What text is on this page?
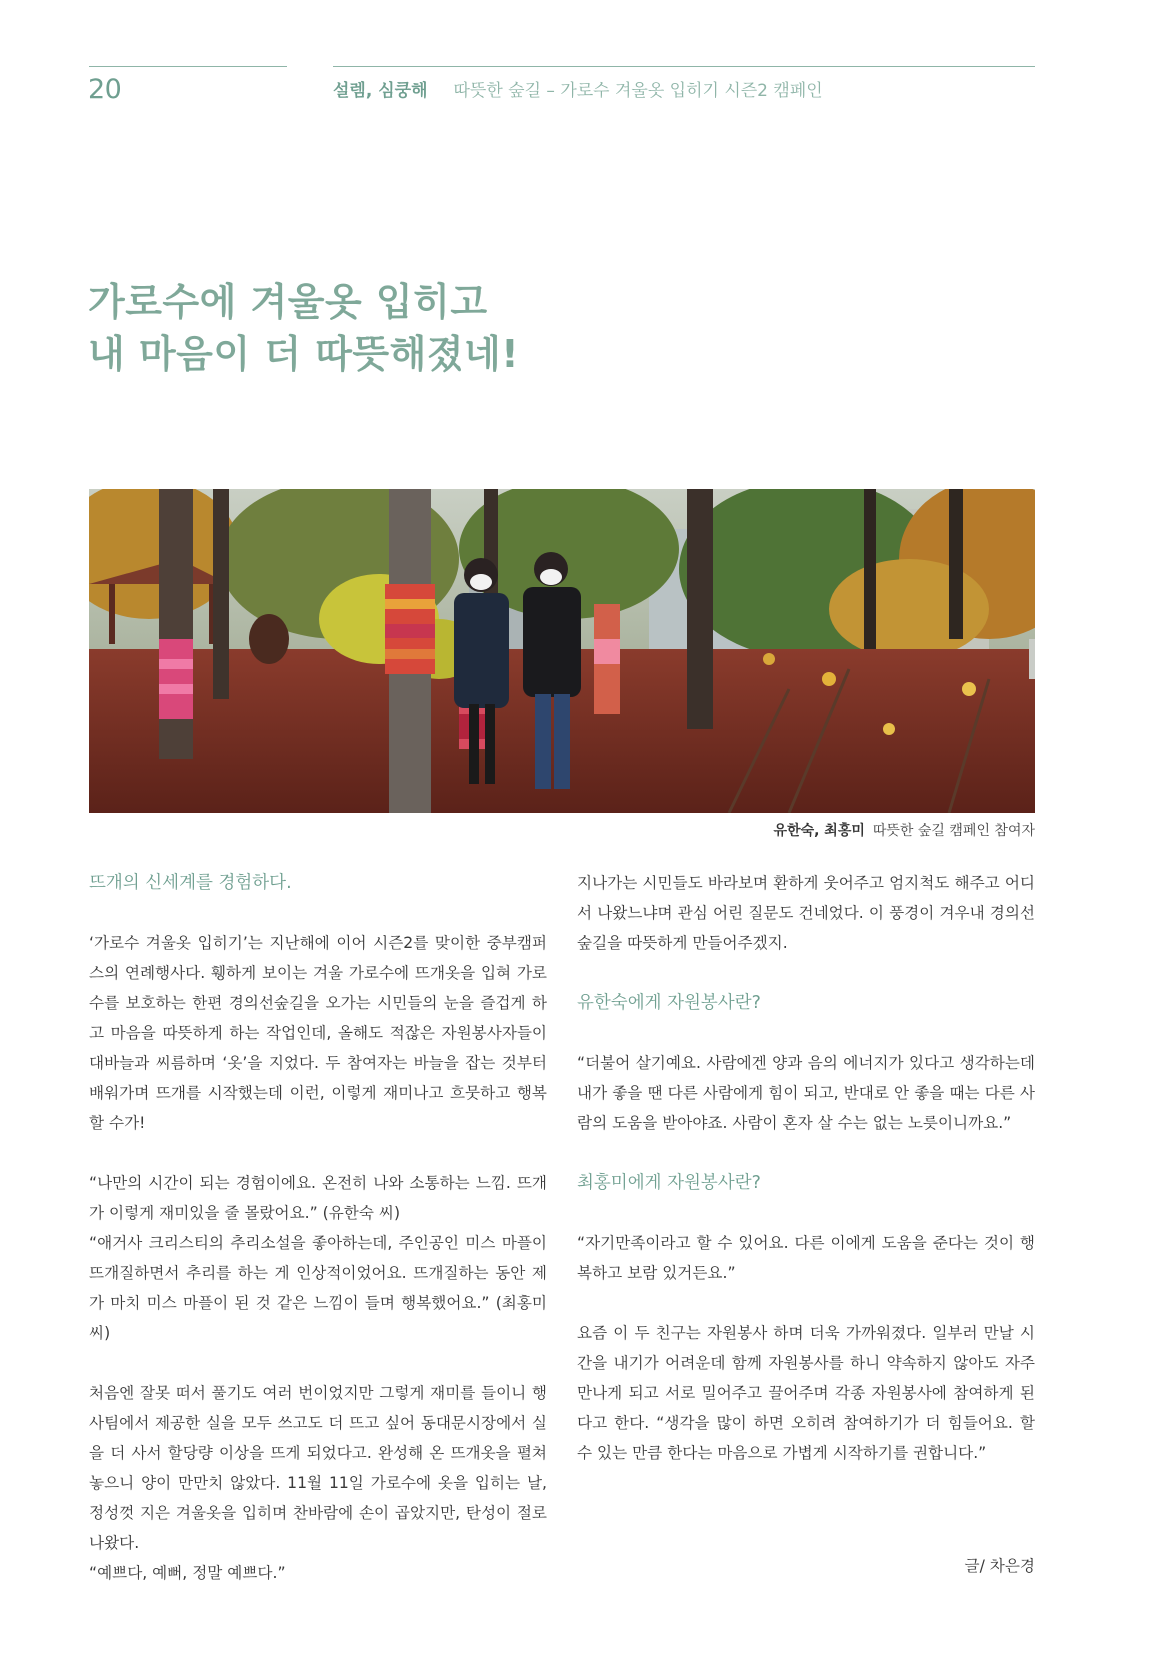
20	설렘, 심쿵해 따뜻한 숲길 – 가로수 겨울옷 입히기 시즌2 캠페인
가로수에 겨울옷 입히고
내 마음이 더 따뜻해졌네!
유한숙, 최홍미 따뜻한 숲길 캠페인 참여자
뜨개의 신세계를 경험하다.

‘가로수 겨울옷 입히기’는 지난해에 이어 시즌2를 맞이한 중부캠퍼스의 연례행사다. 휑하게 보이는 겨울 가로수에 뜨개옷을 입혀 가로수를 보호하는 한편 경의선숲길을 오가는 시민들의 눈을 즐겁게 하고 마음을 따뜻하게 하는 작업인데, 올해도 적잖은 자원봉사자들이 대바늘과 씨름하며 ‘옷’을 지었다. 두 참여자는 바늘을 잡는 것부터 배워가며 뜨개를 시작했는데 이런, 이렇게 재미나고 흐뭇하고 행복할 수가!

“나만의 시간이 되는 경험이에요. 온전히 나와 소통하는 느낌. 뜨개가 이렇게 재미있을 줄 몰랐어요.” (유한숙 씨)

“애거사 크리스티의 추리소설을 좋아하는데, 주인공인 미스 마플이 뜨개질하면서 추리를 하는 게 인상적이었어요. 뜨개질하는 동안 제가 마치 미스 마플이 된 것 같은 느낌이 들며 행복했어요.” (최홍미 씨)

처음엔 잘못 떠서 풀기도 여러 번이었지만 그렇게 재미를 들이니 행사팀에서 제공한 실을 모두 쓰고도 더 뜨고 싶어 동대문시장에서 실을 더 사서 할당량 이상을 뜨게 되었다고. 완성해 온 뜨개옷을 펼쳐 놓으니 양이 만만치 않았다. 11월 11일 가로수에 옷을 입히는 날, 정성껏 지은 겨울옷을 입히며 찬바람에 손이 곱았지만, 탄성이 절로 나왔다.

“예쁘다, 예뻐, 정말 예쁘다.”

지나가는 시민들도 바라보며 환하게 웃어주고 엄지척도 해주고 어디서 나왔느냐며 관심 어린 질문도 건네었다. 이 풍경이 겨우내 경의선숲길을 따뜻하게 만들어주겠지.

유한숙에게 자원봉사란?

“더불어 살기예요. 사람에겐 양과 음의 에너지가 있다고 생각하는데 내가 좋을 땐 다른 사람에게 힘이 되고, 반대로 안 좋을 때는 다른 사람의 도움을 받아야죠. 사람이 혼자 살 수는 없는 노릇이니까요.”

최홍미에게 자원봉사란?

“자기만족이라고 할 수 있어요. 다른 이에게 도움을 준다는 것이 행복하고 보람 있거든요.”

요즘 이 두 친구는 자원봉사 하며 더욱 가까워졌다. 일부러 만날 시간을 내기가 어려운데 함께 자원봉사를 하니 약속하지 않아도 자주 만나게 되고 서로 밀어주고 끌어주며 각종 자원봉사에 참여하게 된다고 한다. “생각을 많이 하면 오히려 참여하기가 더 힘들어요. 할 수 있는 만큼 한다는 마음으로 가볍게 시작하기를 권합니다.”

글/ 차은경
